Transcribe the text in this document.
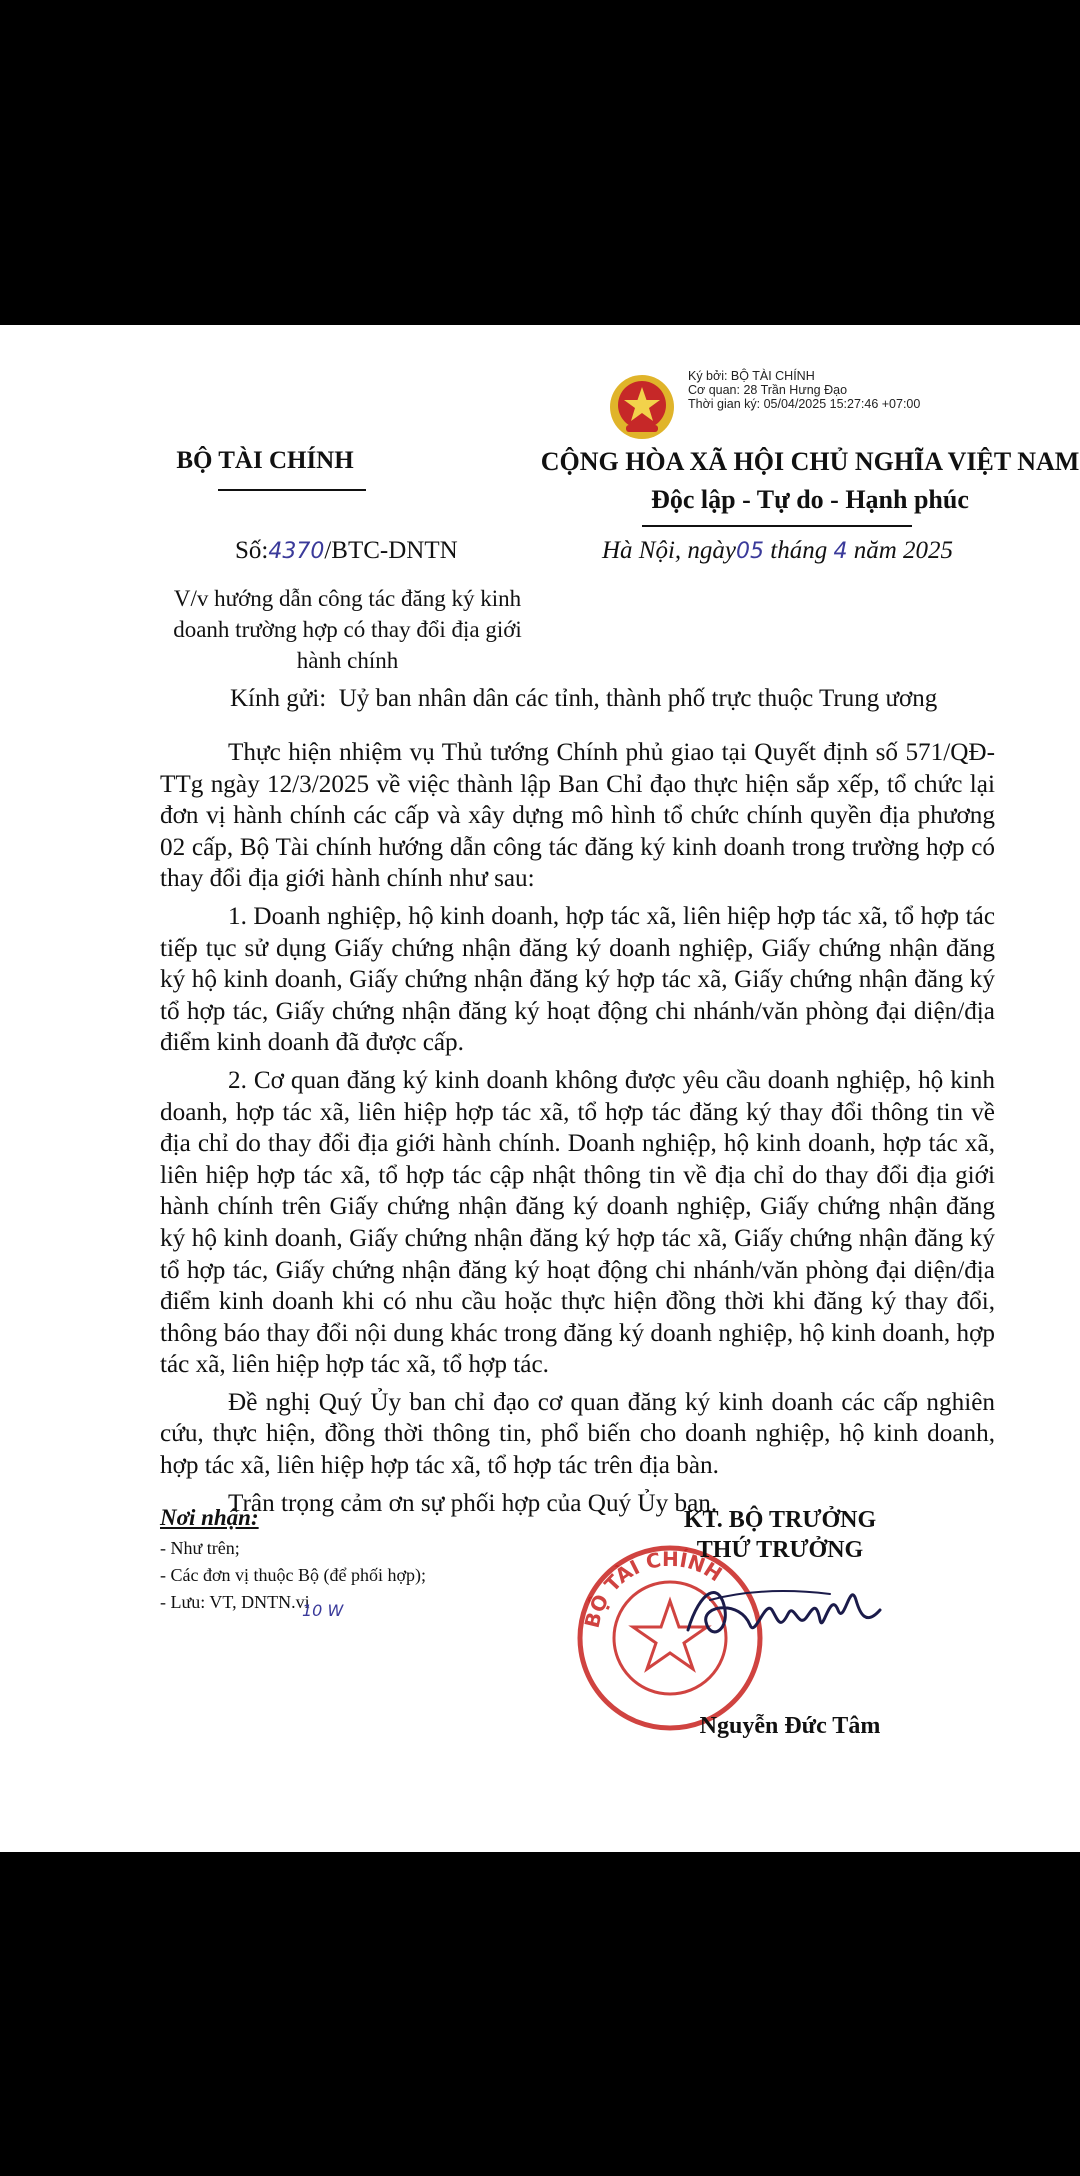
Ký bởi: BỘ TÀI CHÍNH
Cơ quan: 28 Trần Hưng Đạo
Thời gian ký: 05/04/2025 15:27:46 +07:00
BỘ TÀI CHÍNH	CỘNG HÒA XÃ HỘI CHỦ NGHĨA VIỆT NAM
Độc lập - Tự do - Hạnh phúc
Số:4370/BTC-DNTN
V/v hướng dẫn công tác đăng ký kinh doanh trường hợp có thay đổi địa giới hành chính
Hà Nội, ngày05 tháng 4 năm 2025
Kính gửi: Uỷ ban nhân dân các tỉnh, thành phố trực thuộc Trung ương

Thực hiện nhiệm vụ Thủ tướng Chính phủ giao tại Quyết định số 571/QĐ-TTg ngày 12/3/2025 về việc thành lập Ban Chỉ đạo thực hiện sắp xếp, tổ chức lại đơn vị hành chính các cấp và xây dựng mô hình tổ chức chính quyền địa phương 02 cấp, Bộ Tài chính hướng dẫn công tác đăng ký kinh doanh trong trường hợp có thay đổi địa giới hành chính như sau:

1. Doanh nghiệp, hộ kinh doanh, hợp tác xã, liên hiệp hợp tác xã, tổ hợp tác tiếp tục sử dụng Giấy chứng nhận đăng ký doanh nghiệp, Giấy chứng nhận đăng ký hộ kinh doanh, Giấy chứng nhận đăng ký hợp tác xã, Giấy chứng nhận đăng ký tổ hợp tác, Giấy chứng nhận đăng ký hoạt động chi nhánh/văn phòng đại diện/địa điểm kinh doanh đã được cấp.

2. Cơ quan đăng ký kinh doanh không được yêu cầu doanh nghiệp, hộ kinh doanh, hợp tác xã, liên hiệp hợp tác xã, tổ hợp tác đăng ký thay đổi thông tin về địa chỉ do thay đổi địa giới hành chính. Doanh nghiệp, hộ kinh doanh, hợp tác xã, liên hiệp hợp tác xã, tổ hợp tác cập nhật thông tin về địa chỉ do thay đổi địa giới hành chính trên Giấy chứng nhận đăng ký doanh nghiệp, Giấy chứng nhận đăng ký hộ kinh doanh, Giấy chứng nhận đăng ký hợp tác xã, Giấy chứng nhận đăng ký tổ hợp tác, Giấy chứng nhận đăng ký hoạt động chi nhánh/văn phòng đại diện/địa điểm kinh doanh khi có nhu cầu hoặc thực hiện đồng thời khi đăng ký thay đổi, thông báo thay đổi nội dung khác trong đăng ký doanh nghiệp, hộ kinh doanh, hợp tác xã, liên hiệp hợp tác xã, tổ hợp tác.

Đề nghị Quý Ủy ban chỉ đạo cơ quan đăng ký kinh doanh các cấp nghiên cứu, thực hiện, đồng thời thông tin, phổ biến cho doanh nghiệp, hộ kinh doanh, hợp tác xã, liên hiệp hợp tác xã, tổ hợp tác trên địa bàn.

Trân trọng cảm ơn sự phối hợp của Quý Ủy ban.

Nơi nhận:
- Như trên;
- Các đơn vị thuộc Bộ (để phối hợp);
- Lưu: VT, DNTN.vi
10 W	BỘ TÀI CHÍNH
KT. BỘ TRƯỞNG
THỨ TRƯỞNG
Nguyễn Đức Tâm
